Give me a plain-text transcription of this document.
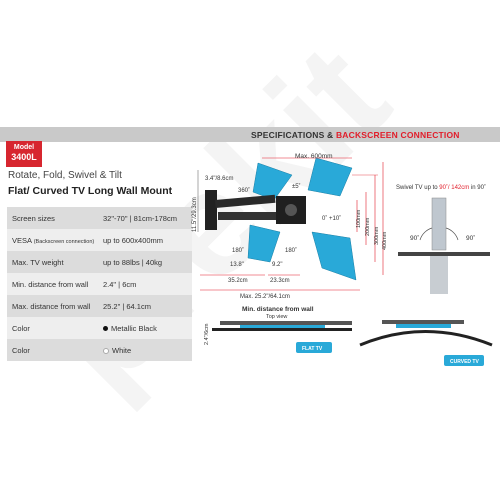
SPECIFICATIONS & BACKSCREEN CONNECTION
Model
3400L
Rotate, Fold, Swivel & Tilt
Flat/ Curved TV Long Wall Mount
Screen sizes	32"-70" | 81cm-178cm
VESA (Backscreen connection)	up to 600x400mm
Max. TV weight	up to 88lbs | 40kg
Min. distance from wall	2.4" | 6cm
Max. distance from wall	25.2" | 64.1cm
Color	Metallic Black
Color	White
Max. 600mm
3.4"/8.6cm
11.5"/29.3cm
360˚
±5˚
0˚ +10˚	100mm 200mm 300mm 400mm
180˚	180˚
13.8"
35.2cm
9.2"
23.3cm
Max. 25.2"/64.1cm
Swivel TV up to 90˚/ 142cm in 90˚
90˚	90˚
Min. distance from wall
Top view
2.4"/6cm
FLAT TV
CURVED TV
